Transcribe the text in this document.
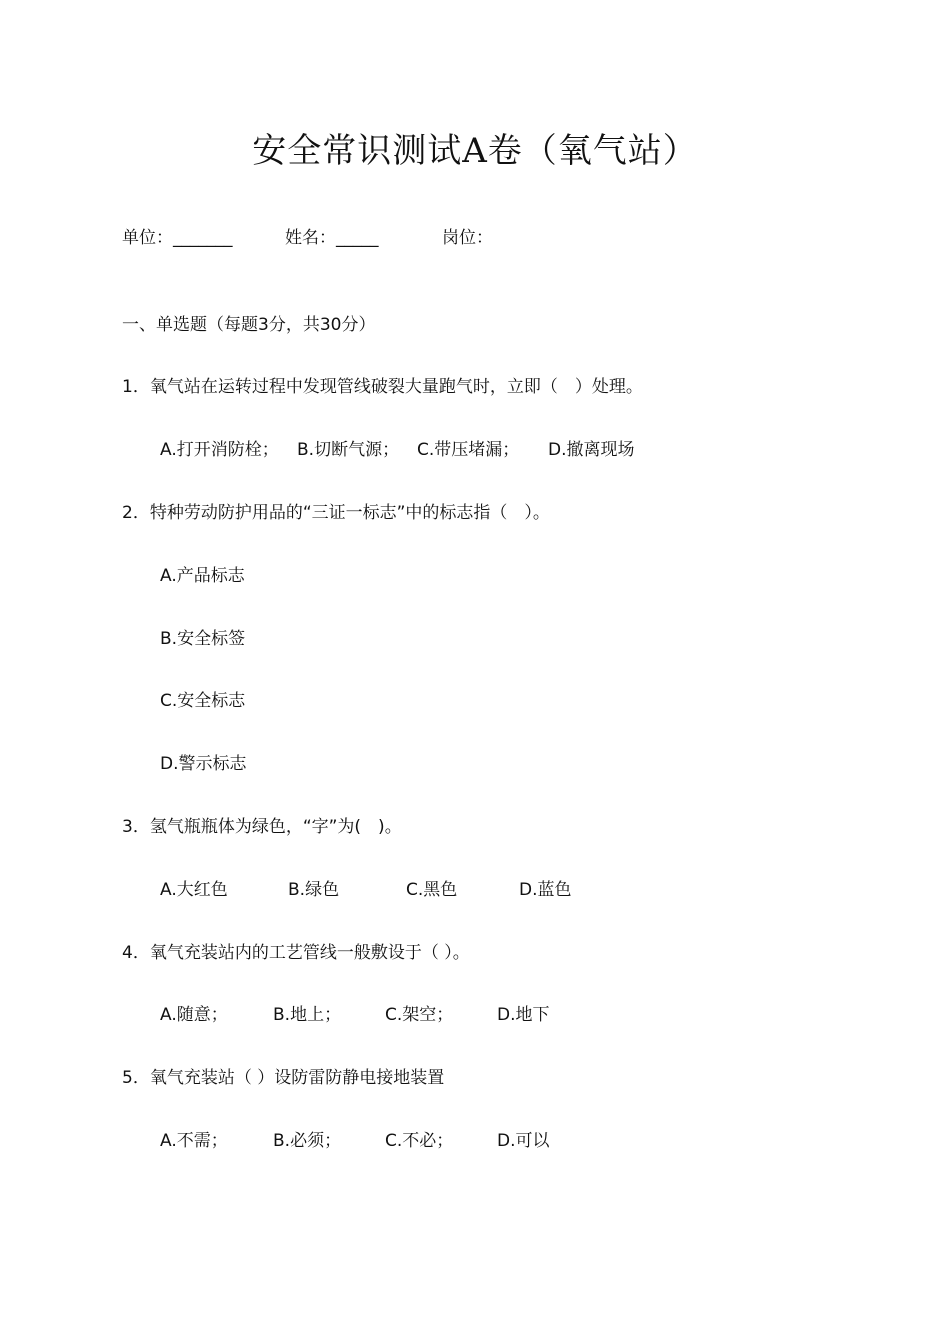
安全常识测试A卷（氧气站）
单位：_______	姓名：_____	岗位：
一、单选题（每题3分，共30分）
1．氧气站在运转过程中发现管线破裂大量跑气时，立即（　）处理。
A.打开消防栓； B.切断气源； C.带压堵漏； D.撤离现场
2．特种劳动防护用品的“三证一标志”中的标志指（　）。
A.产品标志
B.安全标签
C.安全标志
D.警示标志
3．氢气瓶瓶体为绿色，“字”为(　)。
A.大红色	B.绿色	C.黑色	D.蓝色
4．氧气充装站内的工艺管线一般敷设于（ ）。
A.随意；	B.地上；	C.架空；	D.地下
5．氧气充装站（ ）设防雷防静电接地装置
A.不需；	B.必须；	C.不必；	D.可以
